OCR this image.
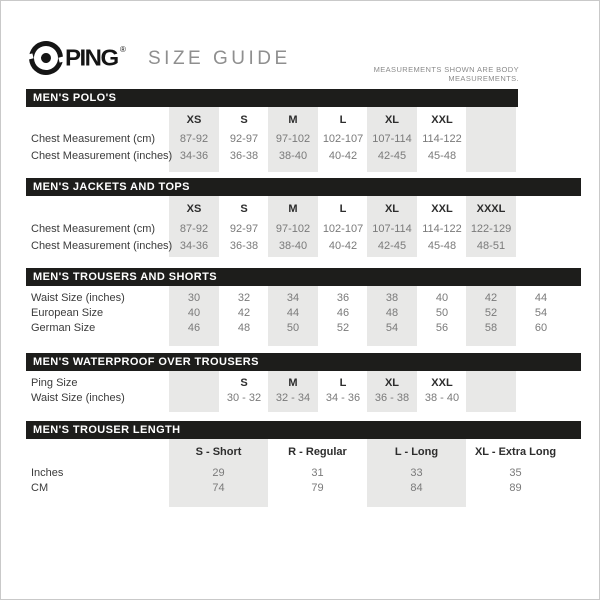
PING ® SIZE GUIDE
MEASUREMENTS SHOWN ARE BODY MEASUREMENTS.
MEN'S POLO'S
XS	S	M	L	XL	XXL
Chest Measurement (cm)	87-92	92-97	97-102	102-107 107-114 114-122
Chest Measurement (inches) 34-36	36-38	38-40	40-42	42-45	45-48
MEN'S JACKETS AND TOPS
XS	S	M	L	XL	XXL	XXXL
Chest Measurement (cm)	87-92	92-97	97-102	102-107 107-114 114-122 122-129
Chest Measurement (inches) 34-36	36-38	38-40	40-42	42-45	45-48	48-51
MEN'S TROUSERS AND SHORTS
Waist Size (inches)	30	32	34	36	38	40	42	44
European Size	40	42	44	46	48	50	52	54
German Size	46	48	50	52	54	56	58	60
MEN'S WATERPROOF OVER TROUSERS
Ping Size	S	M	L	XL	XXL
Waist Size (inches)	30 - 32	32 - 34	34 - 36	36 - 38	38 - 40
MEN'S TROUSER LENGTH
S - Short	R - Regular	L - Long	XL - Extra Long
Inches	29	31	33	35
CM	74	79	84	89
